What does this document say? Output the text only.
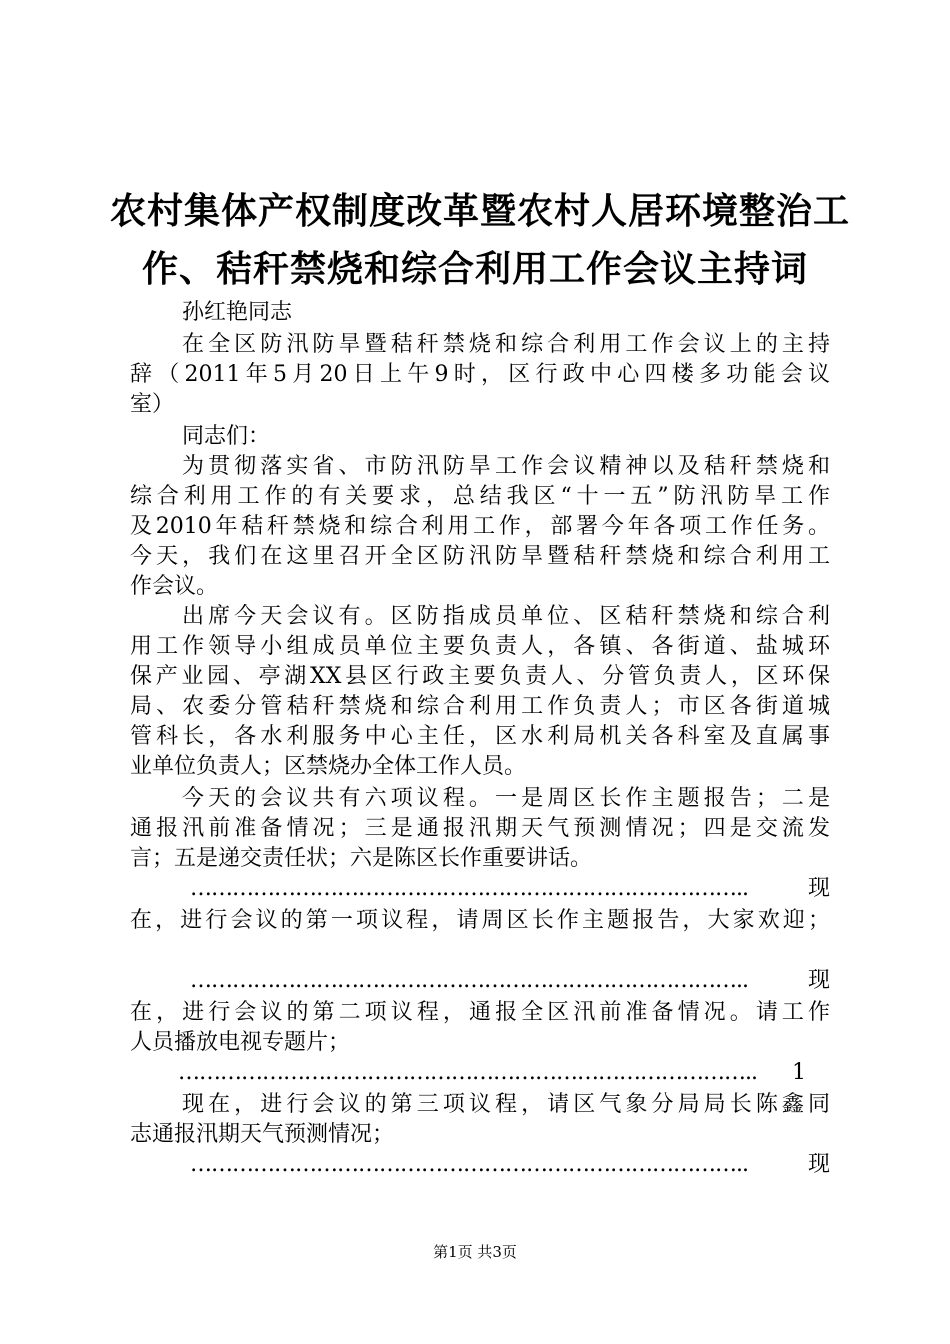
农村集体产权制度改革暨农村人居环境整治工
作、秸秆禁烧和综合利用工作会议主持词
孙红艳同志
在全区防汛防旱暨秸秆禁烧和综合利用工作会议上的主持
辞（2011年5月20日上午9时，区行政中心四楼多功能会议
室）
同志们：
为贯彻落实省、市防汛防旱工作会议精神以及秸秆禁烧和
综合利用工作的有关要求，总结我区“十一五”防汛防旱工作
及2010年秸秆禁烧和综合利用工作，部署今年各项工作任务。
今天，我们在这里召开全区防汛防旱暨秸秆禁烧和综合利用工
作会议。
出席今天会议有。区防指成员单位、区秸秆禁烧和综合利
用工作领导小组成员单位主要负责人，各镇、各街道、盐城环
保产业园、亭湖XX县区行政主要负责人、分管负责人，区环保
局、农委分管秸秆禁烧和综合利用工作负责人；市区各街道城
管科长，各水利服务中心主任，区水利局机关各科室及直属事
业单位负责人；区禁烧办全体工作人员。
今天的会议共有六项议程。一是周区长作主题报告；二是
通报汛前准备情况；三是通报汛期天气预测情况；四是交流发
言；五是递交责任状；六是陈区长作重要讲话。
……………………………………………………………………..	现
在，进行会议的第一项议程，请周区长作主题报告，大家欢迎；
……………………………………………………………………..	现
在，进行会议的第二项议程，通报全区汛前准备情况。请工作
人员播放电视专题片；
………………………………………………………………………..	1
现在，进行会议的第三项议程，请区气象分局局长陈鑫同
志通报汛期天气预测情况；
……………………………………………………………………..	现
第1页 共3页
